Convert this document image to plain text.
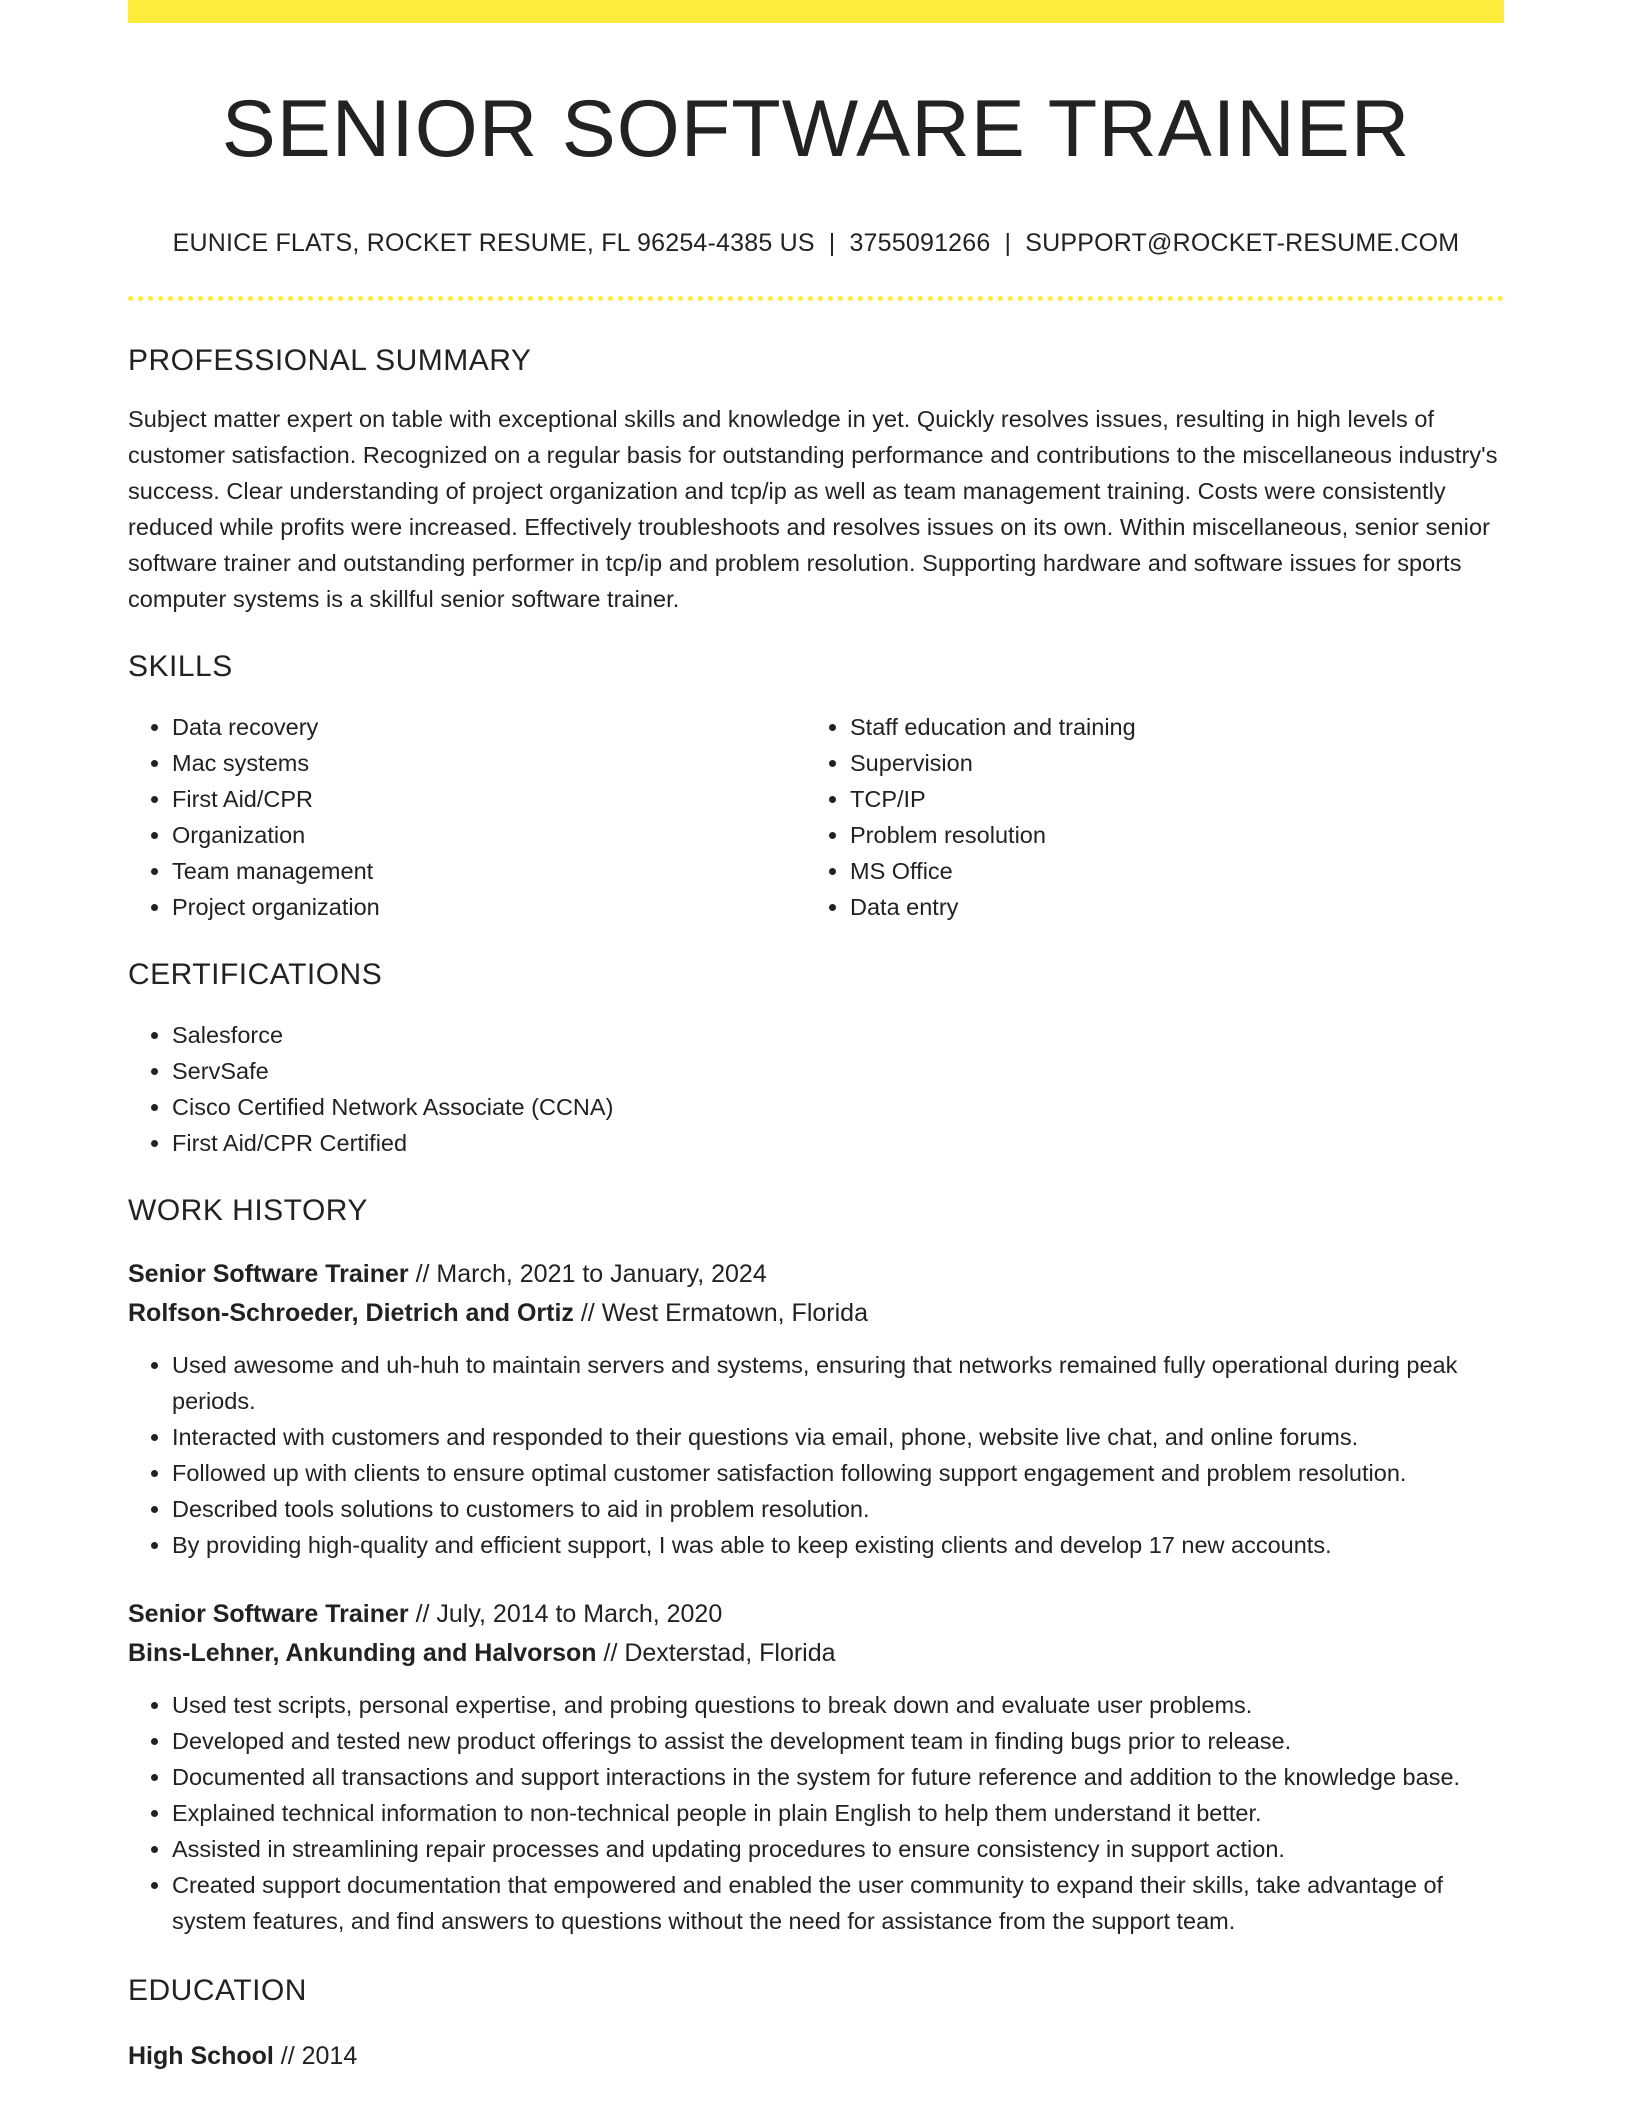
SENIOR SOFTWARE TRAINER
EUNICE FLATS, ROCKET RESUME, FL 96254-4385 US | 3755091266 | SUPPORT@ROCKET-RESUME.COM
PROFESSIONAL SUMMARY

Subject matter expert on table with exceptional skills and knowledge in yet. Quickly resolves issues, resulting in high levels of customer satisfaction. Recognized on a regular basis for outstanding performance and contributions to the miscellaneous industry's success. Clear understanding of project organization and tcp/ip as well as team management training. Costs were consistently reduced while profits were increased. Effectively troubleshoots and resolves issues on its own. Within miscellaneous, senior senior software trainer and outstanding performer in tcp/ip and problem resolution. Supporting hardware and software issues for sports computer systems is a skillful senior software trainer.

SKILLS
• Data recovery
• Mac systems
• First Aid/CPR
• Organization
• Team management
• Project organization
• Staff education and training
• Supervision
• TCP/IP
• Problem resolution
• MS Office
• Data entry
CERTIFICATIONS
• Salesforce
• ServSafe
• Cisco Certified Network Associate (CCNA)
• First Aid/CPR Certified
WORK HISTORY
Senior Software Trainer // March, 2021 to January, 2024
Rolfson-Schroeder, Dietrich and Ortiz // West Ermatown, Florida
• Used awesome and uh-huh to maintain servers and systems, ensuring that networks remained fully operational during peak periods.
• Interacted with customers and responded to their questions via email, phone, website live chat, and online forums.
• Followed up with clients to ensure optimal customer satisfaction following support engagement and problem resolution.
• Described tools solutions to customers to aid in problem resolution.
• By providing high-quality and efficient support, I was able to keep existing clients and develop 17 new accounts.
Senior Software Trainer // July, 2014 to March, 2020
Bins-Lehner, Ankunding and Halvorson // Dexterstad, Florida
• Used test scripts, personal expertise, and probing questions to break down and evaluate user problems.
• Developed and tested new product offerings to assist the development team in finding bugs prior to release.
• Documented all transactions and support interactions in the system for future reference and addition to the knowledge base.
• Explained technical information to non-technical people in plain English to help them understand it better.
• Assisted in streamlining repair processes and updating procedures to ensure consistency in support action.
• Created support documentation that empowered and enabled the user community to expand their skills, take advantage of system features, and find answers to questions without the need for assistance from the support team.
EDUCATION
High School // 2014
